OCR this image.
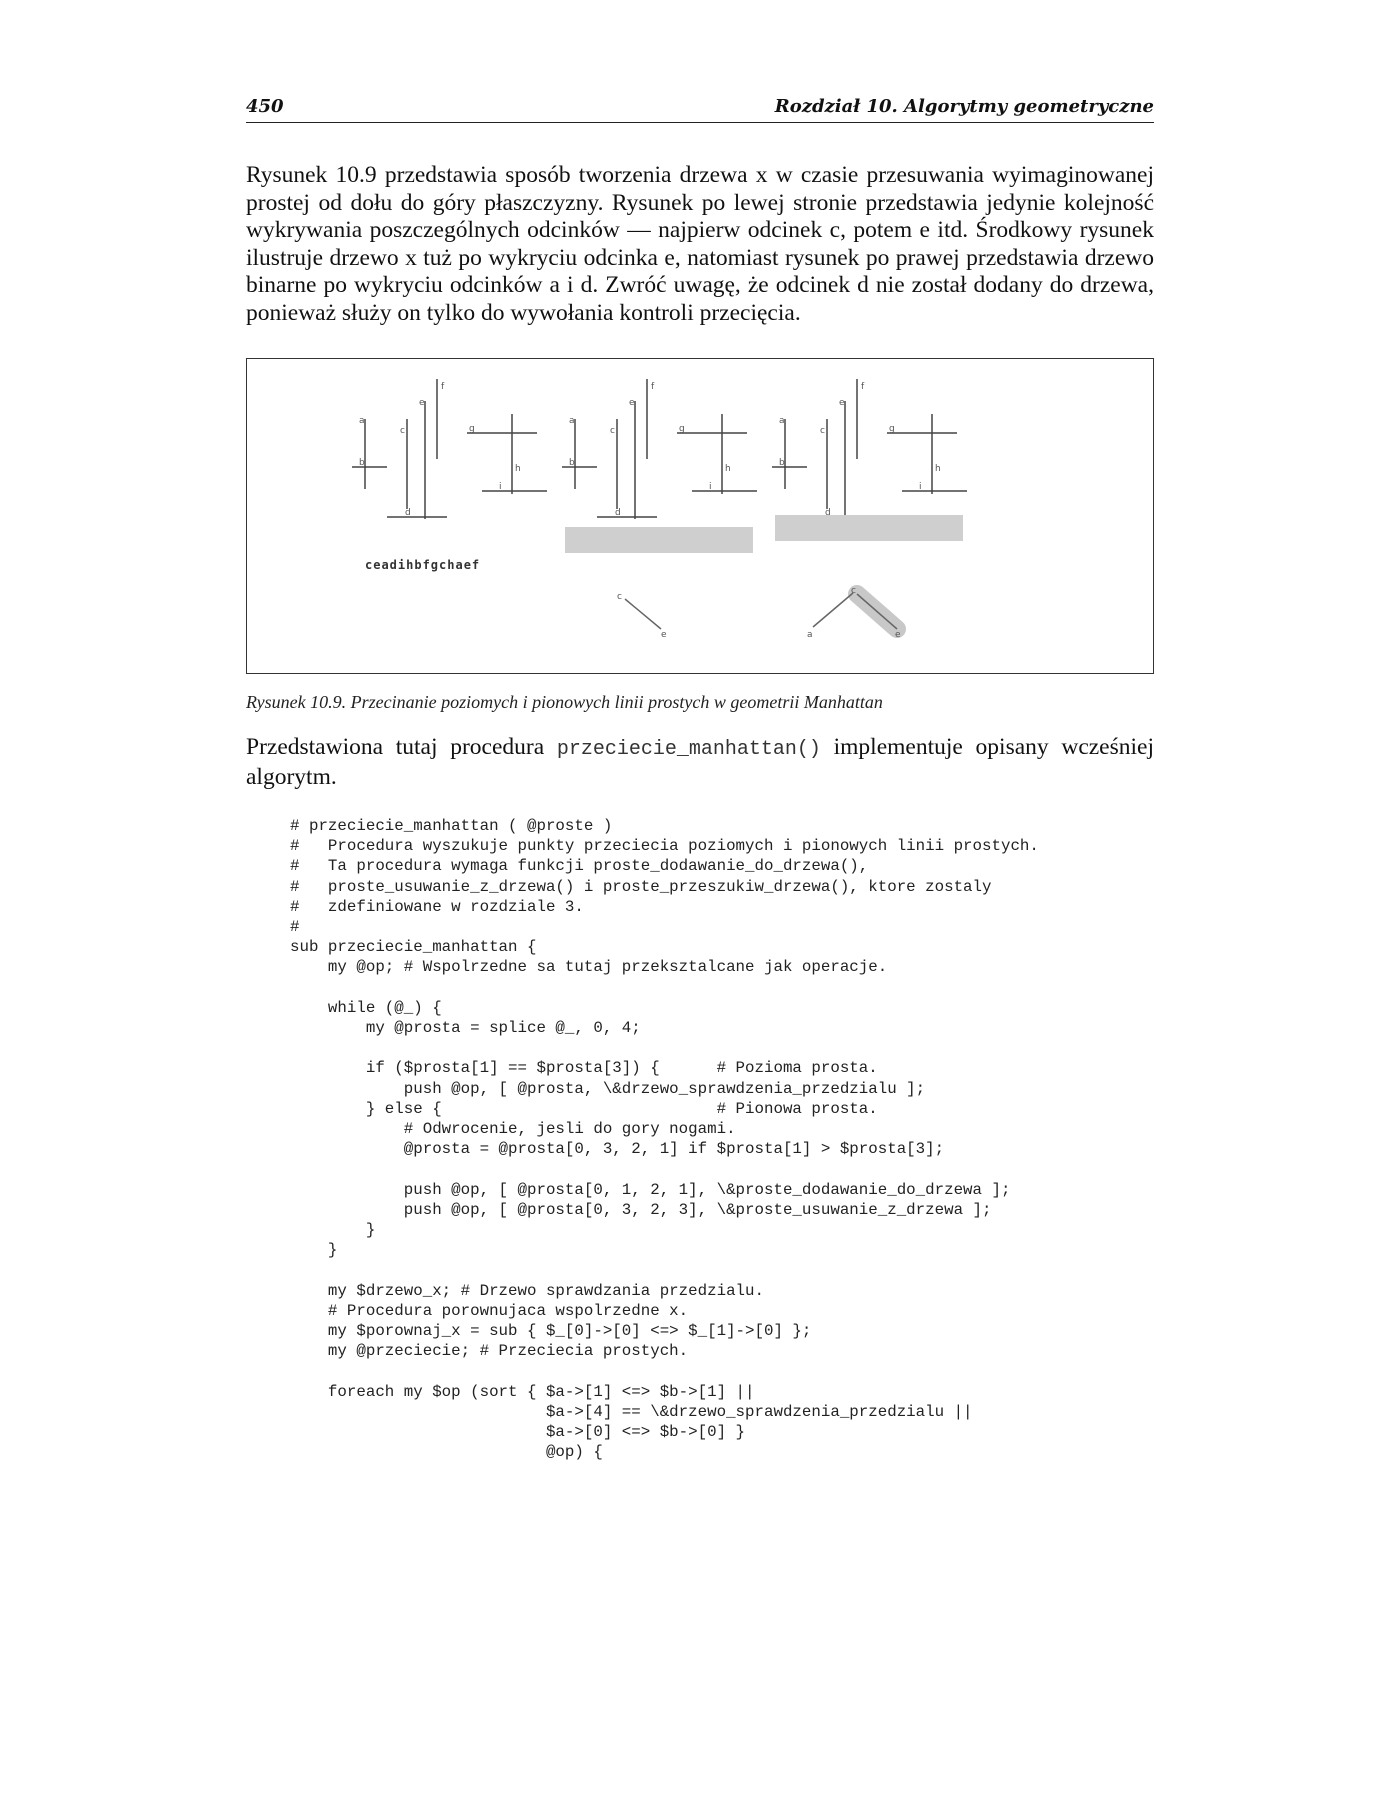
450	Rozdział 10. Algorytmy geometryczne

Rysunek 10.9 przedstawia sposób tworzenia drzewa x w czasie przesuwania wyimaginowanej prostej od dołu do góry płaszczyzny. Rysunek po lewej stronie przedstawia jedynie kolejność wykrywania poszczególnych odcinków — najpierw odcinek c, potem e itd. Środkowy rysunek ilustruje drzewo x tuż po wykryciu odcinka e, natomiast rysunek po prawej przedstawia drzewo binarne po wykryciu odcinków a i d. Zwróć uwagę, że odcinek d nie został dodany do drzewa, ponieważ służy on tylko do wywołania kontroli przecięcia.

a
b
c
d
e
f
g
h
i
ceadihbfgchaef
a
b
c
d
e
f
g
h
i
c
e
a
b
c
d
e
f
g
h
i
a
c
e
Rysunek 10.9. Przecinanie poziomych i pionowych linii prostych w geometrii Manhattan

Przedstawiona tutaj procedura przeciecie_manhattan() implementuje opisany wcześniej algorytm.

# przeciecie_manhattan ( @proste )
#   Procedura wyszukuje punkty przeciecia poziomych i pionowych linii prostych.
#   Ta procedura wymaga funkcji proste_dodawanie_do_drzewa(),
#   proste_usuwanie_z_drzewa() i proste_przeszukiw_drzewa(), ktore zostaly
#   zdefiniowane w rozdziale 3.
#
sub przeciecie_manhattan {
my @op; # Wspolrzedne sa tutaj przeksztalcane jak operacje.

while (@_) {
my @prosta = splice @_, 0, 4;

if ($prosta[1] == $prosta[3]) {      # Pozioma prosta.
push @op, [ @prosta, \&drzewo_sprawdzenia_przedzialu ];
} else {                             # Pionowa prosta.
# Odwrocenie, jesli do gory nogami.
@prosta = @prosta[0, 3, 2, 1] if $prosta[1] > $prosta[3];

push @op, [ @prosta[0, 1, 2, 1], \&proste_dodawanie_do_drzewa ];
push @op, [ @prosta[0, 3, 2, 3], \&proste_usuwanie_z_drzewa ];
}
}

my $drzewo_x; # Drzewo sprawdzania przedzialu.
# Procedura porownujaca wspolrzedne x.
my $porownaj_x = sub { $_[0]->[0] <=> $_[1]->[0] };
my @przeciecie; # Przeciecia prostych.

foreach my $op (sort { $a->[1] <=> $b->[1] ||
$a->[4] == \&drzewo_sprawdzenia_przedzialu ||
$a->[0] <=> $b->[0] }
@op) {
